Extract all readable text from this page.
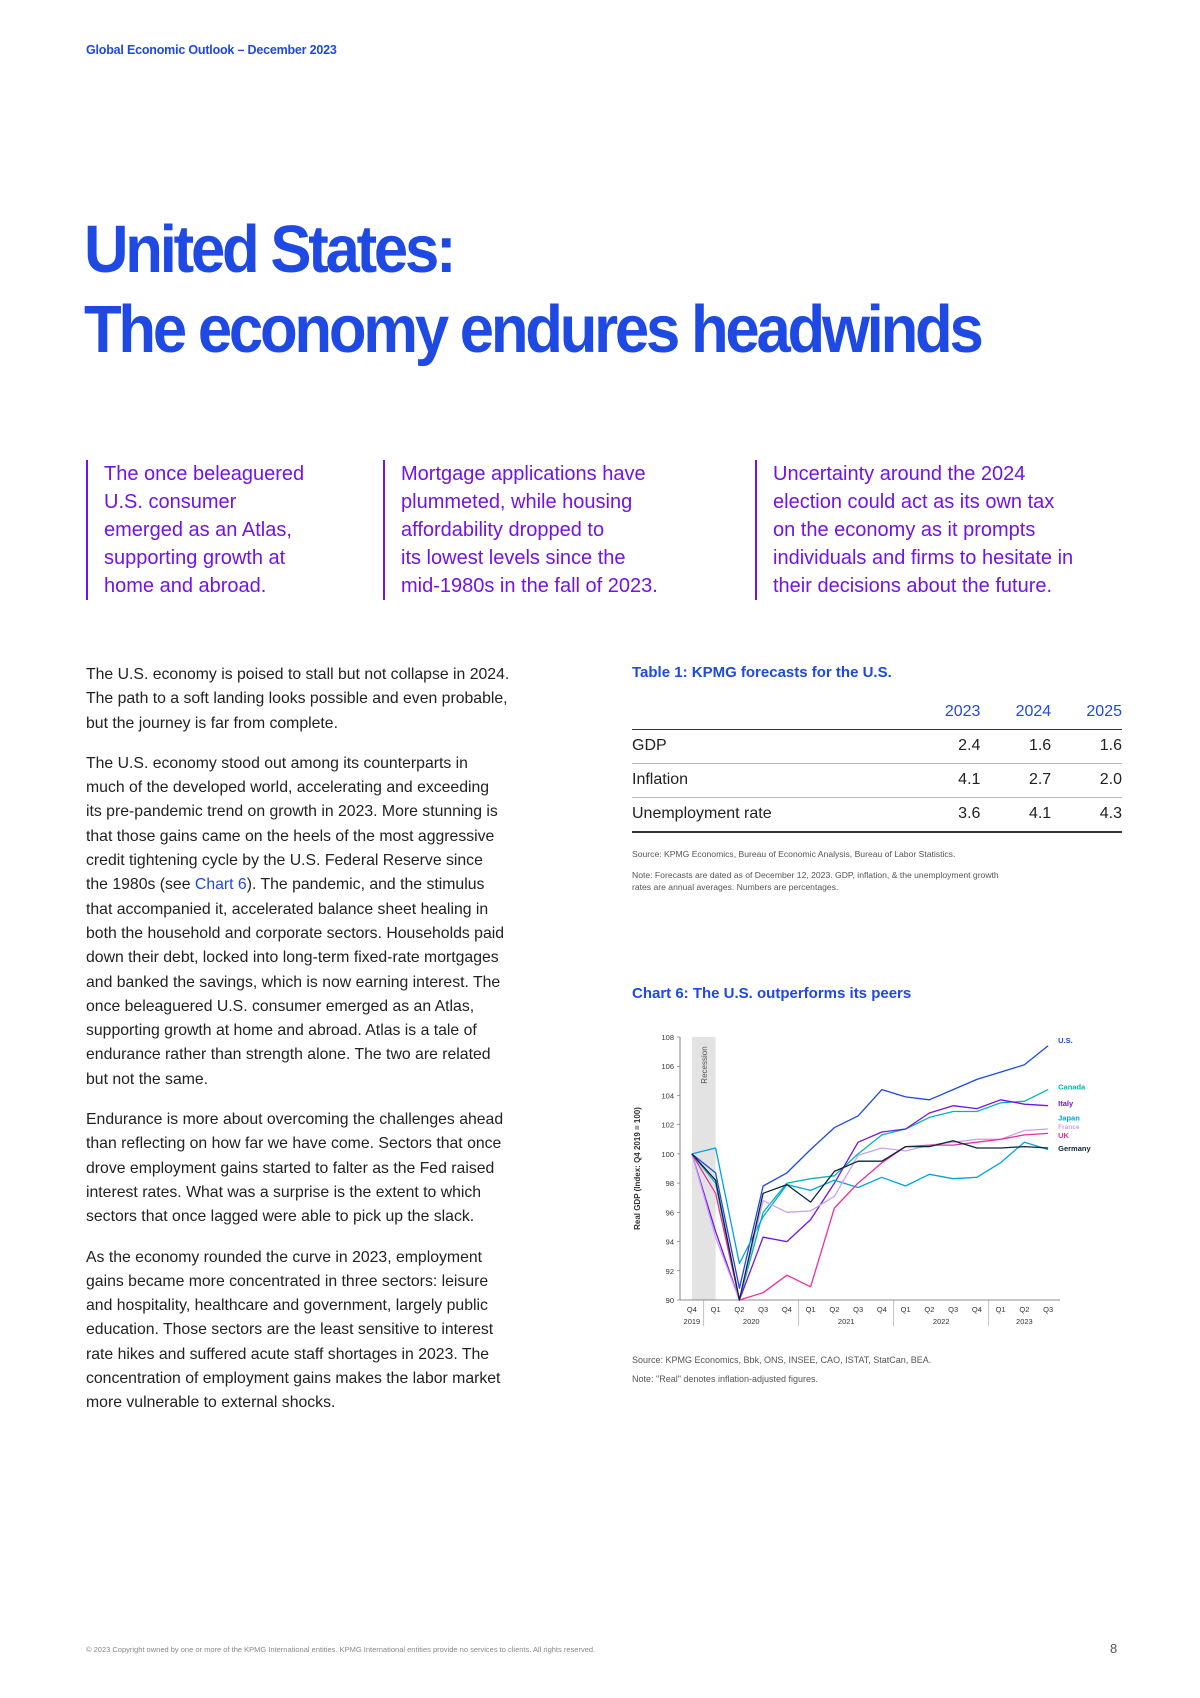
Global Economic Outlook – December 2023
United States:
The economy endures headwinds
The once beleaguered
U.S. consumer
emerged as an Atlas,
supporting growth at
home and abroad.
Mortgage applications have
plummeted, while housing
affordability dropped to
its lowest levels since the
mid-1980s in the fall of 2023.
Uncertainty around the 2024
election could act as its own tax
on the economy as it prompts
individuals and firms to hesitate in
their decisions about the future.

The U.S. economy is poised to stall but not collapse in 2024.
The path to a soft landing looks possible and even probable,
but the journey is far from complete.

The U.S. economy stood out among its counterparts in
much of the developed world, accelerating and exceeding
its pre-pandemic trend on growth in 2023. More stunning is
that those gains came on the heels of the most aggressive
credit tightening cycle by the U.S. Federal Reserve since
the 1980s (see Chart 6). The pandemic, and the stimulus
that accompanied it, accelerated balance sheet healing in
both the household and corporate sectors. Households paid
down their debt, locked into long-term fixed-rate mortgages
and banked the savings, which is now earning interest. The
once beleaguered U.S. consumer emerged as an Atlas,
supporting growth at home and abroad. Atlas is a tale of
endurance rather than strength alone. The two are related
but not the same.

Endurance is more about overcoming the challenges ahead
than reflecting on how far we have come. Sectors that once
drove employment gains started to falter as the Fed raised
interest rates. What was a surprise is the extent to which
sectors that once lagged were able to pick up the slack.

As the economy rounded the curve in 2023, employment
gains became more concentrated in three sectors: leisure
and hospitality, healthcare and government, largely public
education. Those sectors are the least sensitive to interest
rate hikes and suffered acute staff shortages in 2023. The
concentration of employment gains makes the labor market
more vulnerable to external shocks.

Table 1: KPMG forecasts for the U.S.
	2023	2024	2025
GDP	2.4	1.6	1.6
Inflation	4.1	2.7	2.0
Unemployment rate	3.6	4.1	4.3
Source: KPMG Economics, Bureau of Economic Analysis, Bureau of Labor Statistics.
Note: Forecasts are dated as of December 12, 2023. GDP, inflation, & the unemployment growth
rates are annual averages. Numbers are percentages.
Chart 6: The U.S. outperforms its peers
Recession
90
92
94
96
98
100
102
104
106
108
Real GDP (Index: Q4 2019 = 100)
Q4 Q1 Q2 Q3 Q4 Q1 Q2 Q3 Q4 Q1 Q2 Q3 Q4 Q1 Q2 Q3
2019	2020	2021	2022	2023
U.S.
Canada
Italy
Japan
France
UK
Germany
Source: KPMG Economics, Bbk, ONS, INSEE, CAO, ISTAT, StatCan, BEA.
Note: "Real" denotes inflation-adjusted figures.
© 2023 Copyright owned by one or more of the KPMG International entities. KPMG International entities provide no services to clients. All rights reserved.	8
